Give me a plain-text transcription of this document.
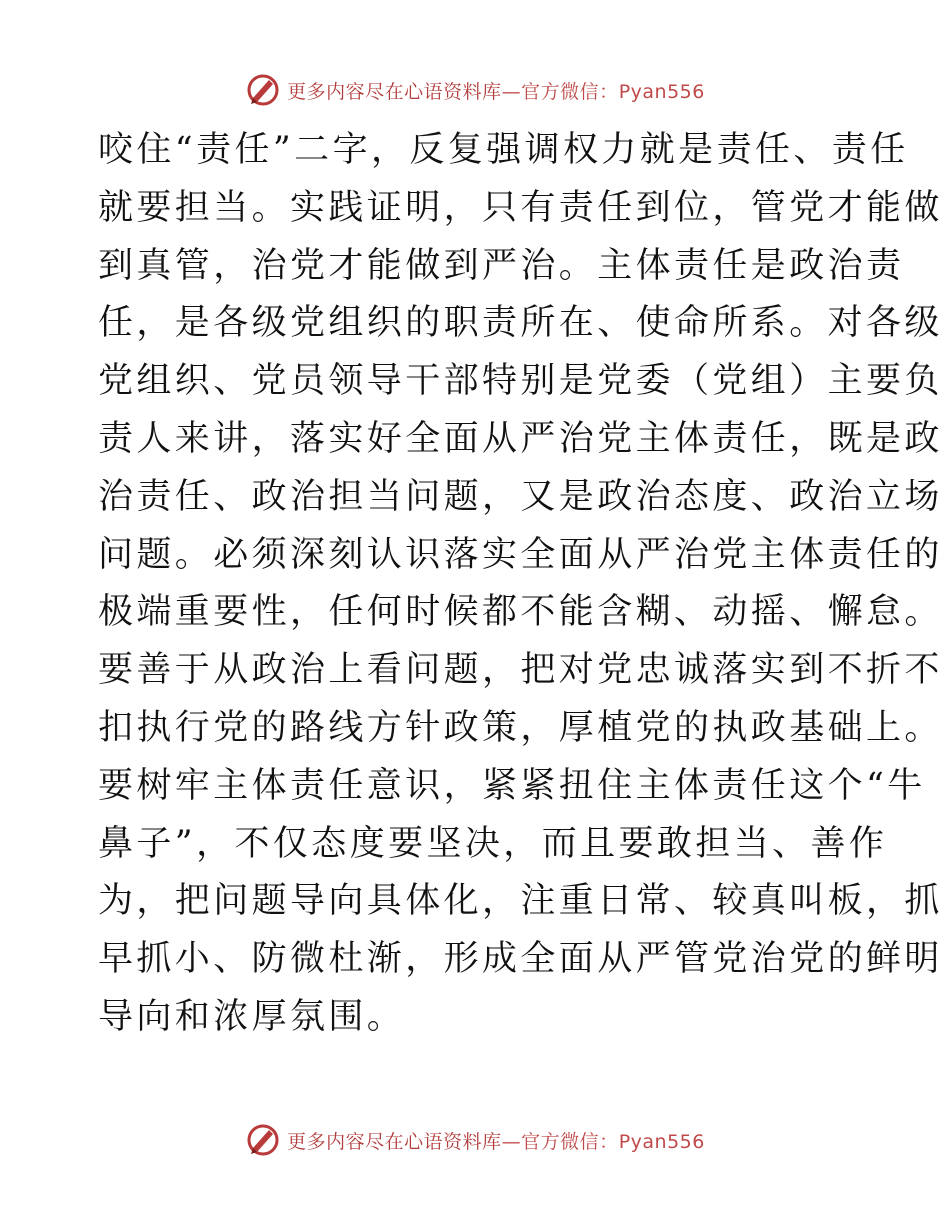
更多内容尽在心语资料库—官方微信：Pyan556
咬住“责任”二字，反复强调权力就是责任、责任
就要担当。实践证明，只有责任到位，管党才能做
到真管，治党才能做到严治。主体责任是政治责
任，是各级党组织的职责所在、使命所系。对各级
党组织、党员领导干部特别是党委（党组）主要负
责人来讲，落实好全面从严治党主体责任，既是政
治责任、政治担当问题，又是政治态度、政治立场
问题。必须深刻认识落实全面从严治党主体责任的
极端重要性，任何时候都不能含糊、动摇、懈怠。
要善于从政治上看问题，把对党忠诚落实到不折不
扣执行党的路线方针政策，厚植党的执政基础上。
要树牢主体责任意识，紧紧扭住主体责任这个“牛
鼻子”，不仅态度要坚决，而且要敢担当、善作
为，把问题导向具体化，注重日常、较真叫板，抓
早抓小、防微杜渐，形成全面从严管党治党的鲜明
导向和浓厚氛围。
更多内容尽在心语资料库—官方微信：Pyan556
